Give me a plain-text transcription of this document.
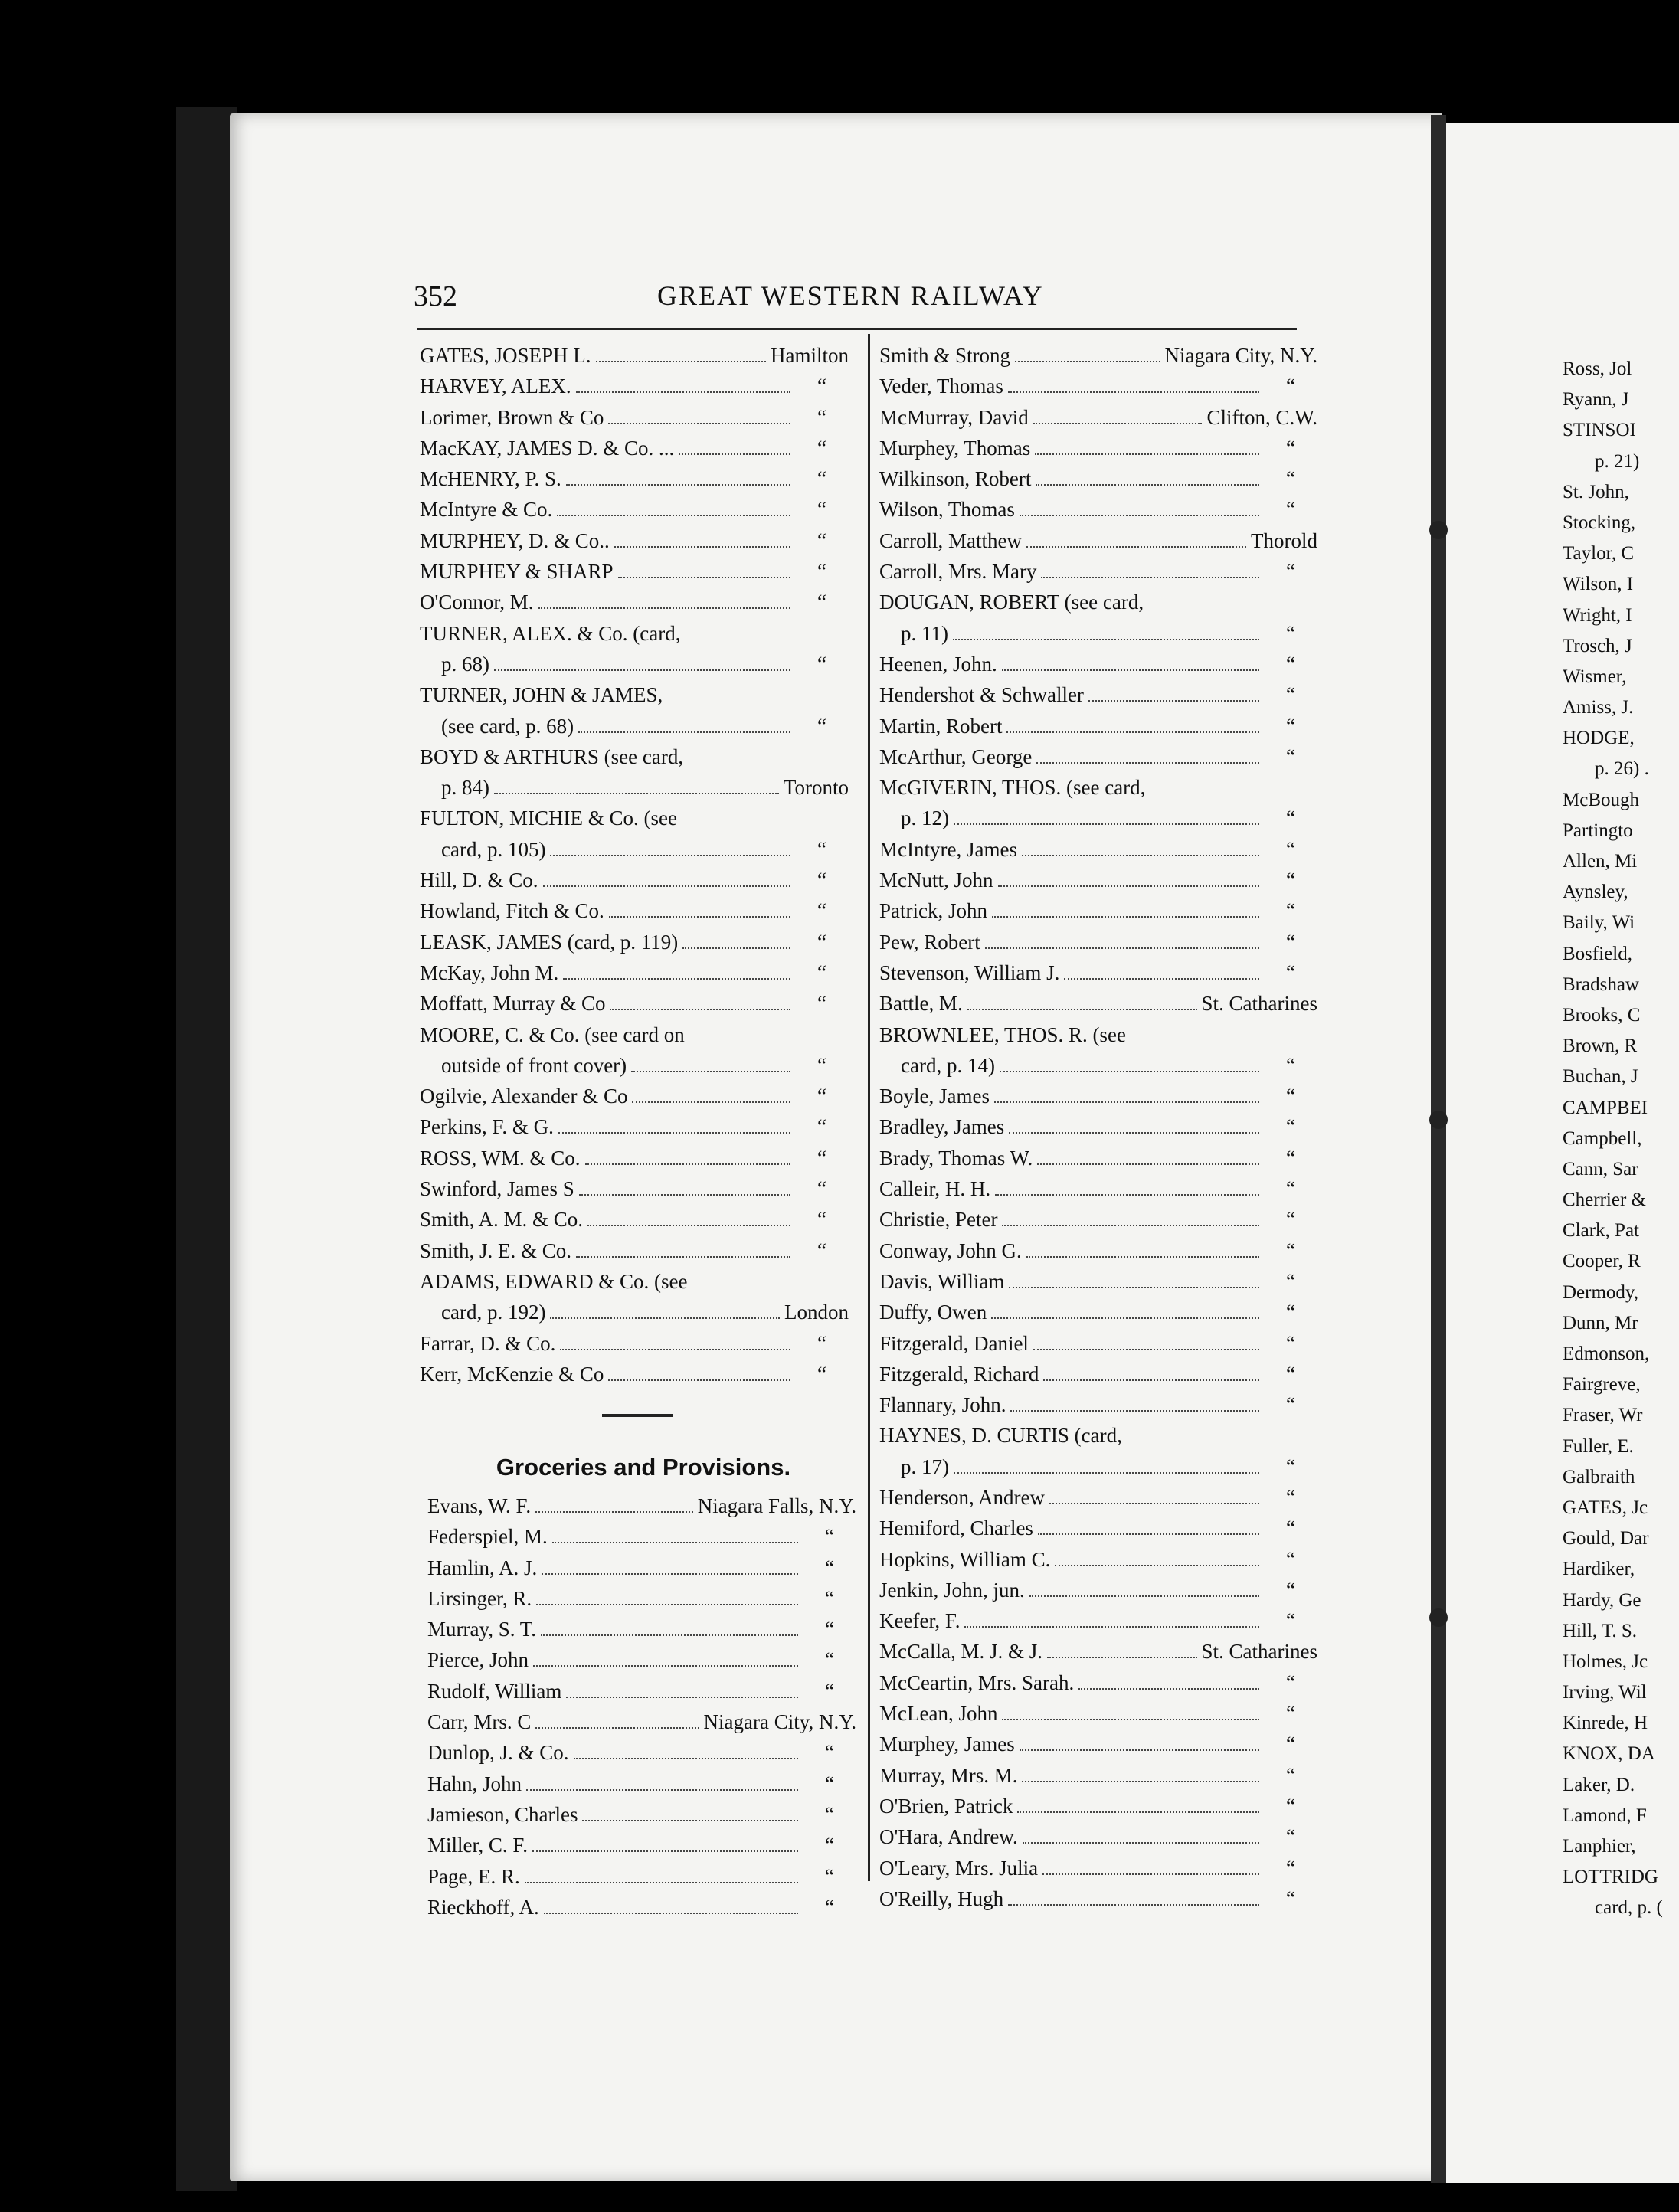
352	GREAT WESTERN RAILWAY
GATES, JOSEPH L.	Hamilton
HARVEY, ALEX.	“
Lorimer, Brown & Co	“
MacKAY, JAMES D. & Co. ...	“
McHENRY, P. S.	“
McIntyre & Co.	“
MURPHEY, D. & Co..	“
MURPHEY & SHARP	“
O'Connor, M.	“
TURNER, ALEX. & Co. (card,
p. 68)	“
TURNER, JOHN & JAMES,
(see card, p. 68)	“
BOYD & ARTHURS (see card,
p. 84)	Toronto
FULTON, MICHIE & Co. (see
card, p. 105)	“
Hill, D. & Co.	“
Howland, Fitch & Co.	“
LEASK, JAMES (card, p. 119)	“
McKay, John M.	“
Moffatt, Murray & Co	“
MOORE, C. & Co. (see card on
outside of front cover)	“
Ogilvie, Alexander & Co	“
Perkins, F. & G.	“
ROSS, WM. & Co.	“
Swinford, James S	“
Smith, A. M. & Co.	“
Smith, J. E. & Co.	“
ADAMS, EDWARD & Co. (see
card, p. 192)	London
Farrar, D. & Co.	“
Kerr, McKenzie & Co	“
Groceries and Provisions.
Evans, W. F.	Niagara Falls, N.Y.
Federspiel, M.	“
Hamlin, A. J.	“
Lirsinger, R.	“
Murray, S. T.	“
Pierce, John	“
Rudolf, William	“
Carr, Mrs. C	Niagara City, N.Y.
Dunlop, J. & Co.	“
Hahn, John	“
Jamieson, Charles	“
Miller, C. F.	“
Page, E. R.	“
Rieckhoff, A.	“
Smith & Strong	Niagara City, N.Y.
Veder, Thomas	“
McMurray, David	Clifton, C.W.
Murphey, Thomas	“
Wilkinson, Robert	“
Wilson, Thomas	“
Carroll, Matthew	Thorold
Carroll, Mrs. Mary	“
DOUGAN, ROBERT (see card,
p. 11)	“
Heenen, John.	“
Hendershot & Schwaller	“
Martin, Robert	“
McArthur, George	“
McGIVERIN, THOS. (see card,
p. 12)	“
McIntyre, James	“
McNutt, John	“
Patrick, John	“
Pew, Robert	“
Stevenson, William J.	“
Battle, M.	St. Catharines
BROWNLEE, THOS. R. (see
card, p. 14)	“
Boyle, James	“
Bradley, James	“
Brady, Thomas W.	“
Calleir, H. H.	“
Christie, Peter	“
Conway, John G.	“
Davis, William	“
Duffy, Owen	“
Fitzgerald, Daniel	“
Fitzgerald, Richard	“
Flannary, John.	“
HAYNES, D. CURTIS (card,
p. 17)	“
Henderson, Andrew	“
Hemiford, Charles	“
Hopkins, William C.	“
Jenkin, John, jun.	“
Keefer, F.	“
McCalla, M. J. & J.	St. Catharines
McCeartin, Mrs. Sarah.	“
McLean, John	“
Murphey, James	“
Murray, Mrs. M.	“
O'Brien, Patrick	“
O'Hara, Andrew.	“
O'Leary, Mrs. Julia	“
O'Reilly, Hugh	“
Ross, Jol
Ryann, J
STINSOI
p. 21)
St. John,
Stocking,
Taylor, C
Wilson, I
Wright, I
Trosch, J
Wismer,
Amiss, J.
HODGE,
p. 26) .
McBough
Partingto
Allen, Mi
Aynsley,
Baily, Wi
Bosfield,
Bradshaw
Brooks, C
Brown, R
Buchan, J
CAMPBEI
Campbell,
Cann, Sar
Cherrier &
Clark, Pat
Cooper, R
Dermody,
Dunn, Mr
Edmonson,
Fairgreve,
Fraser, Wr
Fuller, E.
Galbraith
GATES, Jc
Gould, Dar
Hardiker,
Hardy, Ge
Hill, T. S.
Holmes, Jc
Irving, Wil
Kinrede, H
KNOX, DA
Laker, D.
Lamond, F
Lanphier,
LOTTRIDG
card, p. (
